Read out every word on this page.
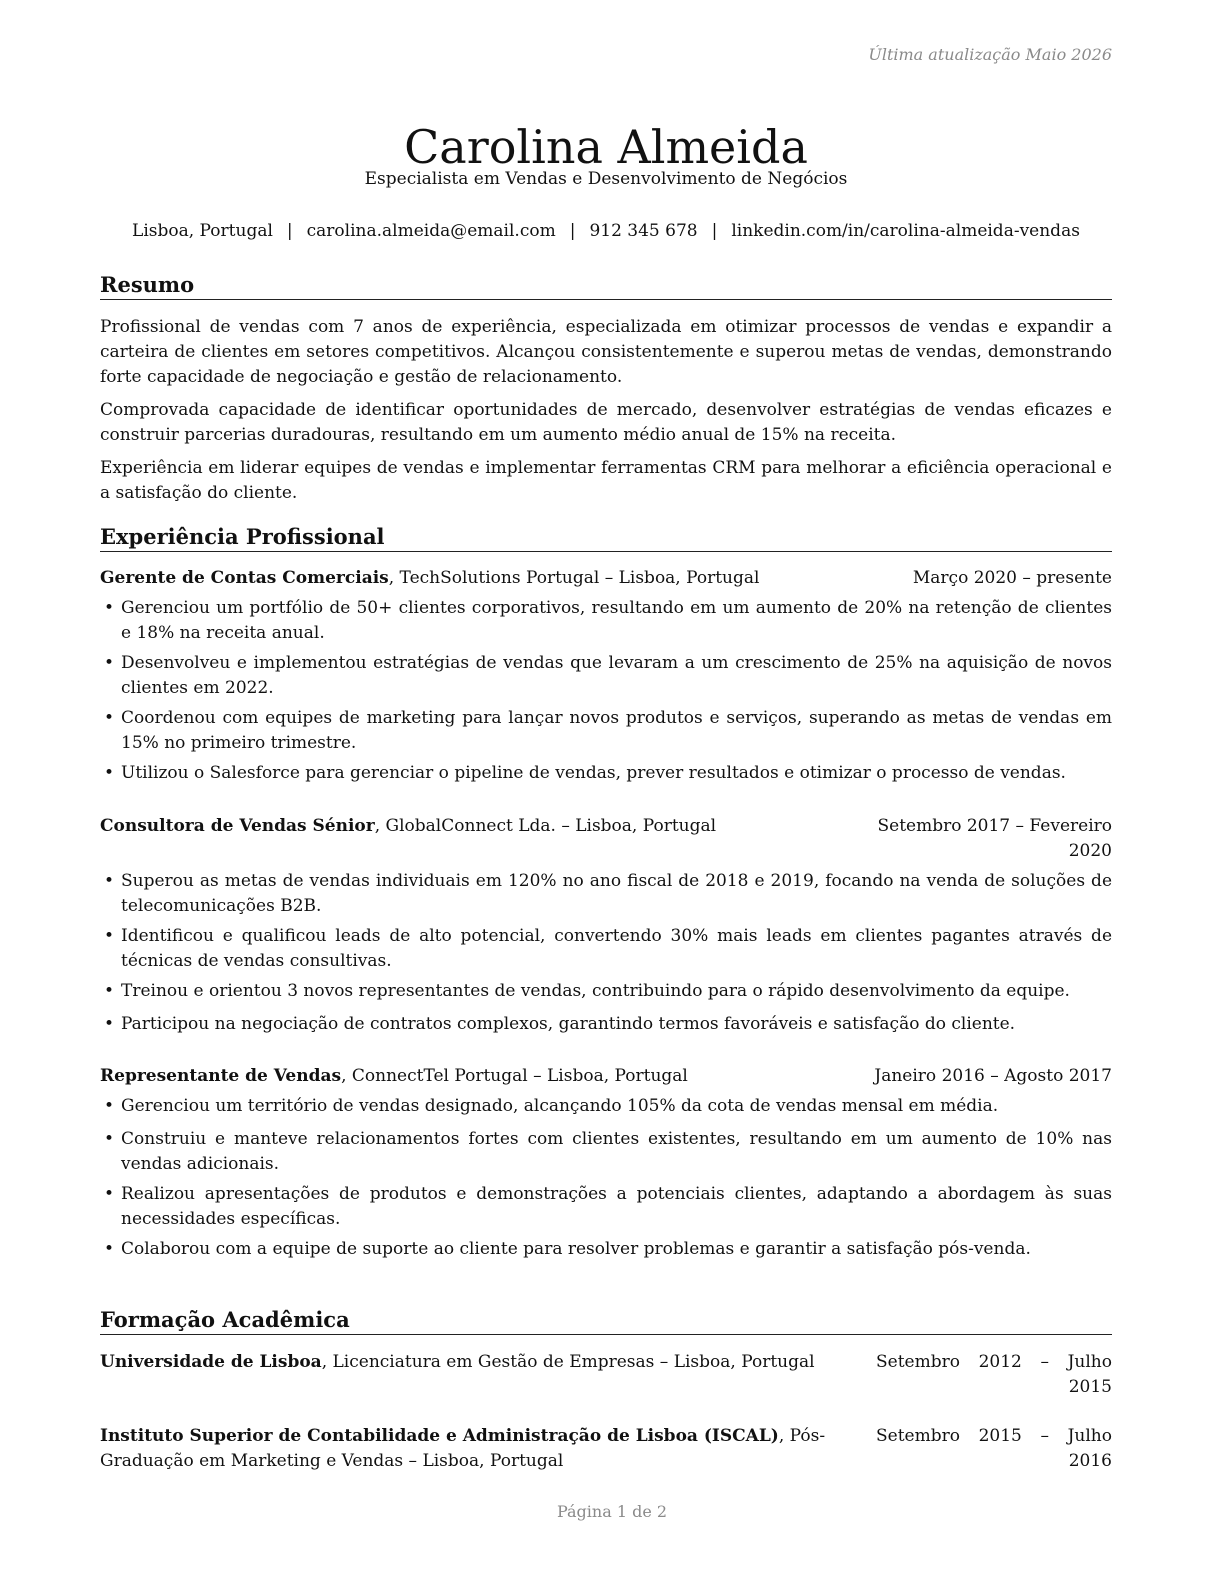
Última atualização Maio 2026
Carolina Almeida
Especialista em Vendas e Desenvolvimento de Negócios
Lisboa, Portugal | carolina.almeida@email.com | 912 345 678 | linkedin.com/in/carolina-almeida-vendas
Resumo

Profissional de vendas com 7 anos de experiência, especializada em otimizar processos de vendas e expandir a carteira de clientes em setores competitivos. Alcançou consistentemente e superou metas de vendas, demonstrando forte capacidade de negociação e gestão de relacionamento.

Comprovada capacidade de identificar oportunidades de mercado, desenvolver estratégias de vendas eficazes e construir parcerias duradouras, resultando em um aumento médio anual de 15% na receita.

Experiência em liderar equipes de vendas e implementar ferramentas CRM para melhorar a eficiência operacional e a satisfação do cliente.

Experiência Profissional
Gerente de Contas Comerciais, TechSolutions Portugal – Lisboa, Portugal	Março 2020 – presente
• Gerenciou um portfólio de 50+ clientes corporativos, resultando em um aumento de 20% na retenção de clientes e 18% na receita anual.
• Desenvolveu e implementou estratégias de vendas que levaram a um crescimento de 25% na aquisição de novos clientes em 2022.
• Coordenou com equipes de marketing para lançar novos produtos e serviços, superando as metas de vendas em 15% no primeiro trimestre.
• Utilizou o Salesforce para gerenciar o pipeline de vendas, prever resultados e otimizar o processo de vendas.
Consultora de Vendas Sénior, GlobalConnect Lda. – Lisboa, Portugal	Setembro 2017 – Fevereiro 2020
• Superou as metas de vendas individuais em 120% no ano fiscal de 2018 e 2019, focando na venda de soluções de telecomunicações B2B.
• Identificou e qualificou leads de alto potencial, convertendo 30% mais leads em clientes pagantes através de técnicas de vendas consultivas.
• Treinou e orientou 3 novos representantes de vendas, contribuindo para o rápido desenvolvimento da equipe.
• Participou na negociação de contratos complexos, garantindo termos favoráveis e satisfação do cliente.
Representante de Vendas, ConnectTel Portugal – Lisboa, Portugal	Janeiro 2016 – Agosto 2017
• Gerenciou um território de vendas designado, alcançando 105% da cota de vendas mensal em média.
• Construiu e manteve relacionamentos fortes com clientes existentes, resultando em um aumento de 10% nas vendas adicionais.
• Realizou apresentações de produtos e demonstrações a potenciais clientes, adaptando a abordagem às suas necessidades específicas.
• Colaborou com a equipe de suporte ao cliente para resolver problemas e garantir a satisfação pós-venda.
Formação Acadêmica
Universidade de Lisboa, Licenciatura em Gestão de Empresas – Lisboa, Portugal	Setembro 2012 – Julho 2015
Instituto Superior de Contabilidade e Administração de Lisboa (ISCAL), Pós-Graduação em Marketing e Vendas – Lisboa, Portugal
Setembro 2015 – Julho 2016
Página 1 de 2
